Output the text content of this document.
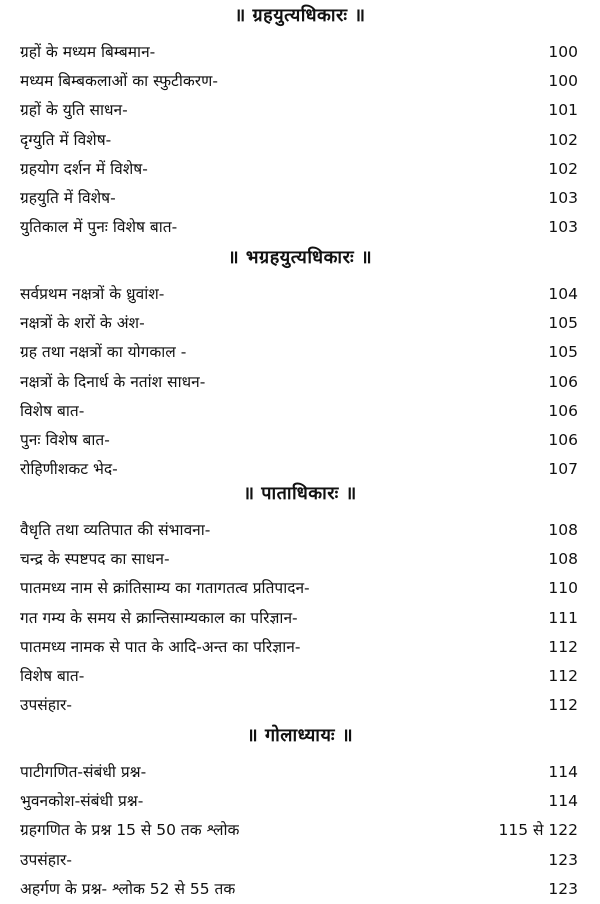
॥ ग्रहयुत्यधिकारः ॥
ग्रहों के मध्यम बिम्बमान-	100
मध्यम बिम्बकलाओं का स्फुटीकरण-	100
ग्रहों के युति साधन-	101
दृग्युति में विशेष-	102
ग्रहयोग दर्शन में विशेष-	102
ग्रहयुति में विशेष-	103
युतिकाल में पुनः विशेष बात-	103
॥ भग्रहयुत्यधिकारः ॥
सर्वप्रथम नक्षत्रों के ध्रुवांश-	104
नक्षत्रों के शरों के अंश-	105
ग्रह तथा नक्षत्रों का योगकाल -	105
नक्षत्रों के दिनार्ध के नतांश साधन-	106
विशेष बात-	106
पुनः विशेष बात-	106
रोहिणीशकट भेद-	107
॥ पाताधिकारः ॥
वैधृति तथा व्यतिपात की संभावना-	108
चन्द्र के स्पष्टपद का साधन-	108
पातमध्य नाम से क्रांतिसाम्य का गतागतत्व प्रतिपादन-	110
गत गम्य के समय से क्रान्तिसाम्यकाल का परिज्ञान-	111
पातमध्य नामक से पात के आदि-अन्त का परिज्ञान-	112
विशेष बात-	112
उपसंहार-	112
॥ गोलाध्यायः ॥
पाटीगणित-संबंधी प्रश्न-	114
भुवनकोश-संबंधी प्रश्न-	114
ग्रहगणित के प्रश्न 15 से 50 तक श्लोक	115 से 122
उपसंहार-	123
अहर्गण के प्रश्न- श्लोक 52 से 55 तक	123
